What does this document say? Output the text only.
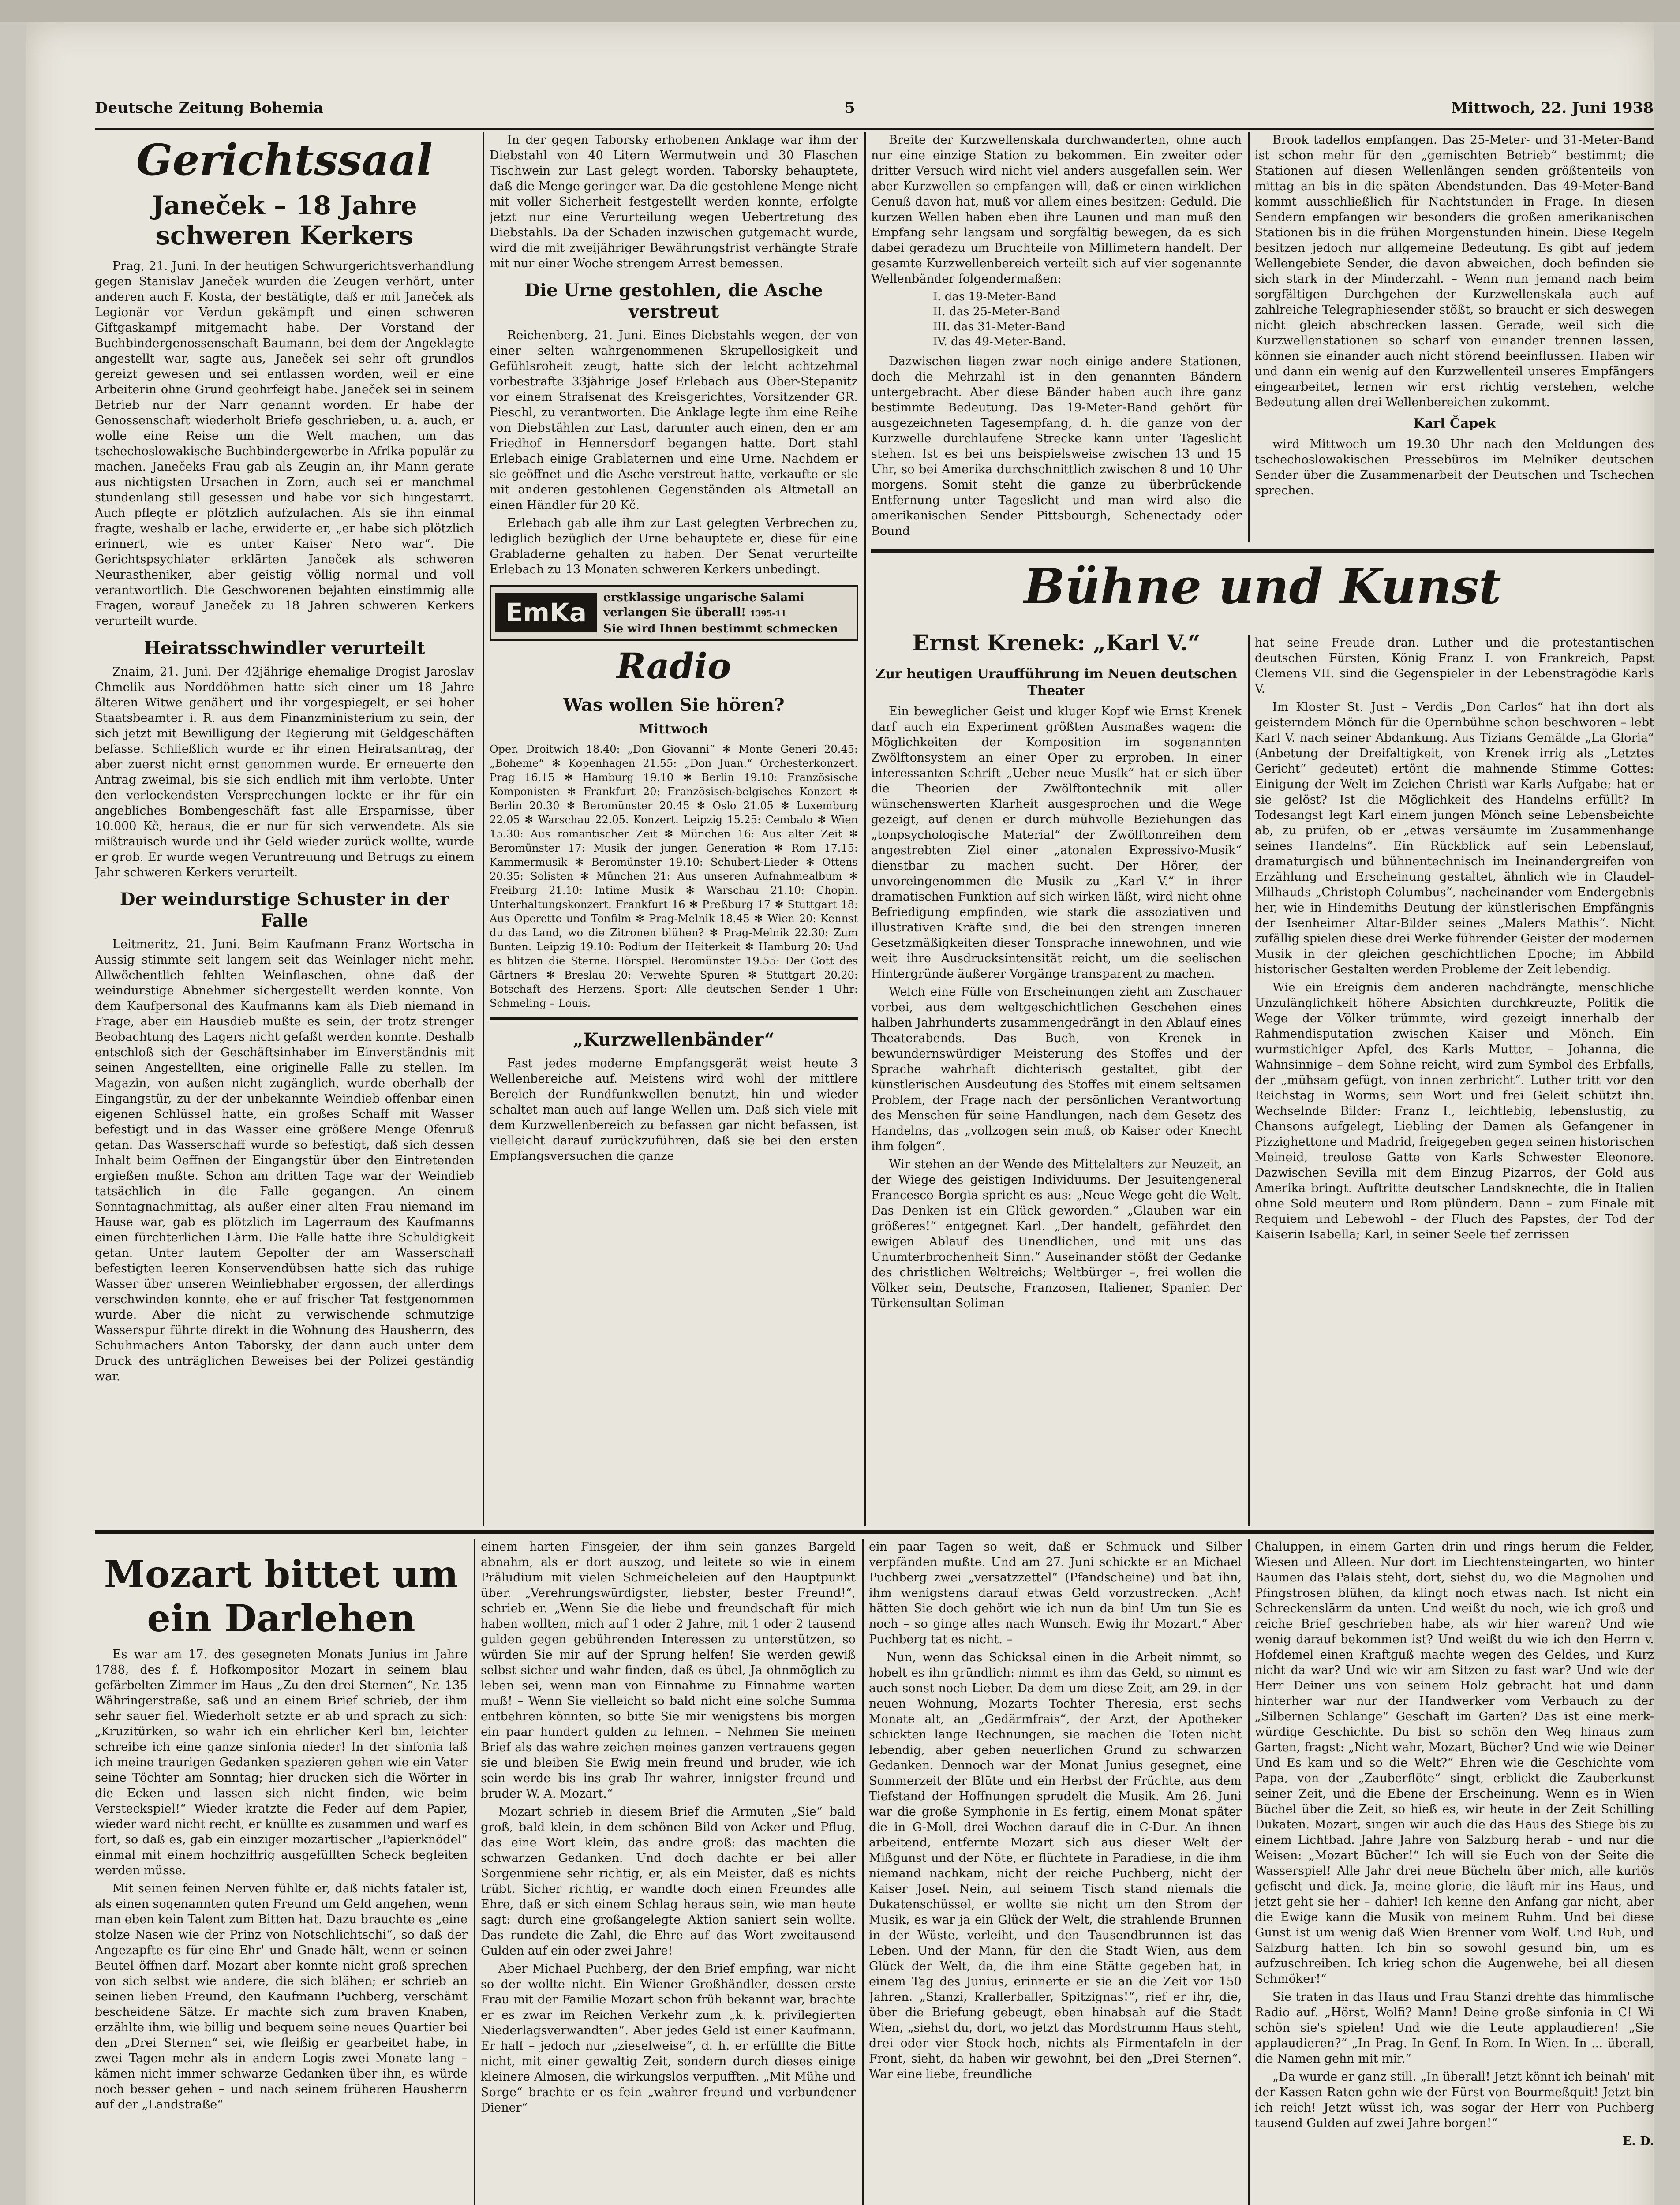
Deutsche Zeitung Bohemia	5	Mittwoch, 22. Juni 1938
Gerichtssaal
Janeček – 18 Jahre schweren Kerkers

Prag, 21. Juni. In der heutigen Schwurgerichtsverhandlung gegen Stanislav Janeček wurden die Zeugen verhört, unter anderen auch F. Kosta, der bestätigte, daß er mit Janeček als Legionär vor Verdun gekämpft und einen schweren Giftgaskampf mitgemacht habe. Der Vorstand der Buchbindergenossenschaft Baumann, bei dem der Angeklagte angestellt war, sagte aus, Janeček sei sehr oft grundlos gereizt gewesen und sei entlassen worden, weil er eine Arbeiterin ohne Grund geohrfeigt habe. Janeček sei in seinem Betrieb nur der Narr genannt worden. Er habe der Genossenschaft wiederholt Briefe geschrieben, u. a. auch, er wolle eine Reise um die Welt machen, um das tschechoslowakische Buchbindergewerbe in Afrika populär zu machen. Janečeks Frau gab als Zeugin an, ihr Mann gerate aus nichtigsten Ursachen in Zorn, auch sei er manchmal stundenlang still gesessen und habe vor sich hingestarrt. Auch pflegte er plötzlich aufzulachen. Als sie ihn einmal fragte, weshalb er lache, erwiderte er, „er habe sich plötzlich erinnert, wie es unter Kaiser Nero war“. Die Gerichtspsychiater erklärten Janeček als schweren Neurastheniker, aber geistig völlig normal und voll verantwortlich. Die Geschworenen bejahten einstimmig alle Fragen, worauf Janeček zu 18 Jahren schweren Kerkers verurteilt wurde.

Heiratsschwindler verurteilt

Znaim, 21. Juni. Der 42jährige ehemalige Drogist Jaroslav Chmelik aus Norddöhmen hatte sich einer um 18 Jahre älteren Witwe genähert und ihr vorgespiegelt, er sei hoher Staatsbeamter i. R. aus dem Finanzministerium zu sein, der sich jetzt mit Bewilligung der Regierung mit Geldgeschäften befasse. Schließlich wurde er ihr einen Heiratsantrag, der aber zuerst nicht ernst genommen wurde. Er erneuerte den Antrag zweimal, bis sie sich endlich mit ihm verlobte. Unter den verlockendsten Versprechungen lockte er ihr für ein angebliches Bombengeschäft fast alle Ersparnisse, über 10.000 Kč, heraus, die er nur für sich verwendete. Als sie mißtrauisch wurde und ihr Geld wieder zurück wollte, wurde er grob. Er wurde wegen Veruntreuung und Betrugs zu einem Jahr schweren Kerkers verurteilt.

Der weindurstige Schuster in der Falle

Leitmeritz, 21. Juni. Beim Kaufmann Franz Wortscha in Aussig stimmte seit langem seit das Weinlager nicht mehr. Allwöchentlich fehlten Weinflaschen, ohne daß der weindurstige Abnehmer sichergestellt werden konnte. Von dem Kaufpersonal des Kaufmanns kam als Dieb niemand in Frage, aber ein Hausdieb mußte es sein, der trotz strenger Beobachtung des Lagers nicht gefaßt werden konnte. Deshalb entschloß sich der Geschäftsinhaber im Einverständnis mit seinen Angestellten, eine originelle Falle zu stellen. Im Magazin, von außen nicht zugänglich, wurde oberhalb der Eingangstür, zu der der unbekannte Weindieb offenbar einen eigenen Schlüssel hatte, ein großes Schaff mit Wasser befestigt und in das Wasser eine größere Menge Ofenruß getan. Das Wasserschaff wurde so befestigt, daß sich dessen Inhalt beim Oeffnen der Eingangstür über den Eintretenden ergießen mußte. Schon am dritten Tage war der Weindieb tatsächlich in die Falle gegangen. An einem Sonntagnachmittag, als außer einer alten Frau niemand im Hause war, gab es plötzlich im Lagerraum des Kaufmanns einen fürchterlichen Lärm. Die Falle hatte ihre Schuldigkeit getan. Unter lautem Gepolter der am Wasserschaff befestigten leeren Konservendübsen hatte sich das ruhige Wasser über unseren Weinliebhaber ergossen, der allerdings verschwinden konnte, ehe er auf frischer Tat festgenommen wurde. Aber die nicht zu verwischende schmutzige Wasserspur führte direkt in die Wohnung des Hausherrn, des Schuhmachers Anton Taborsky, der dann auch unter dem Druck des unträglichen Beweises bei der Polizei geständig war.

In der gegen Taborsky erhobenen Anklage war ihm der Diebstahl von 40 Litern Wermutwein und 30 Flaschen Tischwein zur Last gelegt worden. Taborsky behauptete, daß die Menge geringer war. Da die gestohlene Menge nicht mit voller Sicherheit festgestellt werden konnte, erfolgte jetzt nur eine Verurteilung wegen Uebertretung des Diebstahls. Da der Schaden inzwischen gutgemacht wurde, wird die mit zweijähriger Bewährungsfrist verhängte Strafe mit nur einer Woche strengem Arrest bemessen.

Die Urne gestohlen, die Asche verstreut

Reichenberg, 21. Juni. Eines Diebstahls wegen, der von einer selten wahrgenommenen Skrupellosigkeit und Gefühlsroheit zeugt, hatte sich der leicht achtzehmal vorbestrafte 33jährige Josef Erlebach aus Ober-Stepanitz vor einem Strafsenat des Kreisgerichtes, Vorsitzender GR. Pieschl, zu verantworten. Die Anklage legte ihm eine Reihe von Diebstählen zur Last, darunter auch einen, den er am Friedhof in Hennersdorf begangen hatte. Dort stahl Erlebach einige Grablaternen und eine Urne. Nachdem er sie geöffnet und die Asche verstreut hatte, verkaufte er sie mit anderen gestohlenen Gegenständen als Altmetall an einen Händler für 20 Kč.

Erlebach gab alle ihm zur Last gelegten Verbrechen zu, lediglich bezüglich der Urne behauptete er, diese für eine Grabladerne gehalten zu haben. Der Senat verurteilte Erlebach zu 13 Monaten schweren Kerkers unbedingt.

EmKa	erstklassige ungarische Salami
verlangen Sie überall! 1395-11
Sie wird Ihnen bestimmt schmecken
Radio
Was wollen Sie hören?
Mittwoch

Oper. Droitwich 18.40: „Don Giovanni“ ✻ Monte Generi 20.45: „Boheme“ ✻ Kopenhagen 21.55: „Don Juan.“ Orchesterkonzert. Prag 16.15 ✻ Hamburg 19.10 ✻ Berlin 19.10: Französische Komponisten ✻ Frankfurt 20: Französisch-belgisches Konzert ✻ Berlin 20.30 ✻ Beromünster 20.45 ✻ Oslo 21.05 ✻ Luxemburg 22.05 ✻ Warschau 22.05. Konzert. Leipzig 15.25: Cembalo ✻ Wien 15.30: Aus romantischer Zeit ✻ München 16: Aus alter Zeit ✻ Beromünster 17: Musik der jungen Generation ✻ Rom 17.15: Kammermusik ✻ Beromünster 19.10: Schubert-Lieder ✻ Ottens 20.35: Solisten ✻ München 21: Aus unseren Aufnahmealbum ✻ Freiburg 21.10: Intime Musik ✻ Warschau 21.10: Chopin. Unterhaltungskonzert. Frankfurt 16 ✻ Preßburg 17 ✻ Stuttgart 18: Aus Operette und Tonfilm ✻ Prag-Melnik 18.45 ✻ Wien 20: Kennst du das Land, wo die Zitronen blühen? ✻ Prag-Melnik 22.30: Zum Bunten. Leipzig 19.10: Podium der Heiterkeit ✻ Hamburg 20: Und es blitzen die Sterne. Hörspiel. Beromünster 19.55: Der Gott des Gärtners ✻ Breslau 20: Verwehte Spuren ✻ Stuttgart 20.20: Botschaft des Herzens. Sport: Alle deutschen Sender 1 Uhr: Schmeling – Louis.

„Kurzwellenbänder“

Fast jedes moderne Empfangsgerät weist heute 3 Wellenbereiche auf. Meistens wird wohl der mittlere Bereich der Rundfunkwellen benutzt, hin und wieder schaltet man auch auf lange Wellen um. Daß sich viele mit dem Kurzwellenbereich zu befassen gar nicht befassen, ist vielleicht darauf zurückzuführen, daß sie bei den ersten Empfangsversuchen die ganze

Breite der Kurzwellenskala durchwanderten, ohne auch nur eine einzige Station zu bekommen. Ein zweiter oder dritter Versuch wird nicht viel anders ausgefallen sein. Wer aber Kurzwellen so empfangen will, daß er einen wirklichen Genuß davon hat, muß vor allem eines besitzen: Geduld. Die kurzen Wellen haben eben ihre Launen und man muß den Empfang sehr langsam und sorgfältig bewegen, da es sich dabei geradezu um Bruchteile von Millimetern handelt. Der gesamte Kurzwellenbereich verteilt sich auf vier sogenannte Wellenbänder folgendermaßen:

I. das 19-Meter-Band
II. das 25-Meter-Band
III. das 31-Meter-Band
IV. das 49-Meter-Band.

Dazwischen liegen zwar noch einige andere Stationen, doch die Mehrzahl ist in den genannten Bändern untergebracht. Aber diese Bänder haben auch ihre ganz bestimmte Bedeutung. Das 19-Meter-Band gehört für ausgezeichneten Tagesempfang, d. h. die ganze von der Kurzwelle durchlaufene Strecke kann unter Tageslicht stehen. Ist es bei uns beispielsweise zwischen 13 und 15 Uhr, so bei Amerika durchschnittlich zwischen 8 und 10 Uhr morgens. Somit steht die ganze zu überbrückende Entfernung unter Tageslicht und man wird also die amerikanischen Sender Pittsbourgh, Schenectady oder Bound

Brook tadellos empfangen. Das 25-Meter- und 31-Meter-Band ist schon mehr für den „gemischten Betrieb“ bestimmt; die Stationen auf diesen Wellenlängen senden größtenteils von mittag an bis in die späten Abendstunden. Das 49-Meter-Band kommt ausschließlich für Nachtstunden in Frage. In diesen Sendern empfangen wir besonders die großen amerikanischen Stationen bis in die frühen Morgenstunden hinein. Diese Regeln besitzen jedoch nur allgemeine Bedeutung. Es gibt auf jedem Wellengebiete Sender, die davon abweichen, doch befinden sie sich stark in der Minderzahl. – Wenn nun jemand nach beim sorgfältigen Durchgehen der Kurzwellenskala auch auf zahlreiche Telegraphiesender stößt, so braucht er sich deswegen nicht gleich abschrecken lassen. Gerade, weil sich die Kurzwellenstationen so scharf von einander trennen lassen, können sie einander auch nicht störend beeinflussen. Haben wir und dann ein wenig auf den Kurzwellenteil unseres Empfängers eingearbeitet, lernen wir erst richtig verstehen, welche Bedeutung allen drei Wellenbereichen zukommt.

Karl Čapek

wird Mittwoch um 19.30 Uhr nach den Meldungen des tschechoslowakischen Pressebüros im Melniker deutschen Sender über die Zusammenarbeit der Deutschen und Tschechen sprechen.

Bühne und Kunst
Ernst Krenek: „Karl V.“
Zur heutigen Uraufführung im Neuen deutschen Theater

Ein beweglicher Geist und kluger Kopf wie Ernst Krenek darf auch ein Experiment größten Ausmaßes wagen: die Möglichkeiten der Komposition im sogenannten Zwölftonsystem an einer Oper zu erproben. In einer interessanten Schrift „Ueber neue Musik“ hat er sich über die Theorien der Zwölftontechnik mit aller wünschenswerten Klarheit ausgesprochen und die Wege gezeigt, auf denen er durch mühvolle Beziehungen das „tonpsychologische Material“ der Zwölftonreihen dem angestrebten Ziel einer „atonalen Expressivo-Musik“ dienstbar zu machen sucht. Der Hörer, der unvoreingenommen die Musik zu „Karl V.“ in ihrer dramatischen Funktion auf sich wirken läßt, wird nicht ohne Befriedigung empfinden, wie stark die assoziativen und illustrativen Kräfte sind, die bei den strengen inneren Gesetzmäßigkeiten dieser Tonsprache innewohnen, und wie weit ihre Ausdrucksintensität reicht, um die seelischen Hintergründe äußerer Vorgänge transparent zu machen.

Welch eine Fülle von Erscheinungen zieht am Zuschauer vorbei, aus dem weltgeschichtlichen Geschehen eines halben Jahrhunderts zusammengedrängt in den Ablauf eines Theaterabends. Das Buch, von Krenek in bewundernswürdiger Meisterung des Stoffes und der Sprache wahrhaft dichterisch gestaltet, gibt der künstlerischen Ausdeutung des Stoffes mit einem seltsamen Problem, der Frage nach der persönlichen Verantwortung des Menschen für seine Handlungen, nach dem Gesetz des Handelns, das „vollzogen sein muß, ob Kaiser oder Knecht ihm folgen“.

Wir stehen an der Wende des Mittelalters zur Neuzeit, an der Wiege des geistigen Individuums. Der Jesuitengeneral Francesco Borgia spricht es aus: „Neue Wege geht die Welt. Das Denken ist ein Glück geworden.“ „Glauben war ein größeres!“ entgegnet Karl. „Der handelt, gefährdet den ewigen Ablauf des Unendlichen, und mit uns das Unumterbrochenheit Sinn.“ Auseinander stößt der Gedanke des christlichen Weltreichs; Weltbürger –, frei wollen die Völker sein, Deutsche, Franzosen, Italiener, Spanier. Der Türkensultan Soliman

hat seine Freude dran. Luther und die protestantischen deutschen Fürsten, König Franz I. von Frankreich, Papst Clemens VII. sind die Gegenspieler in der Lebenstragödie Karls V.

Im Kloster St. Just – Verdis „Don Carlos“ hat ihn dort als geisterndem Mönch für die Opernbühne schon beschworen – lebt Karl V. nach seiner Abdankung. Aus Tizians Gemälde „La Gloria“ (Anbetung der Dreifaltigkeit, von Krenek irrig als „Letztes Gericht“ gedeutet) ertönt die mahnende Stimme Gottes: Einigung der Welt im Zeichen Christi war Karls Aufgabe; hat er sie gelöst? Ist die Möglichkeit des Handelns erfüllt? In Todesangst legt Karl einem jungen Mönch seine Lebensbeichte ab, zu prüfen, ob er „etwas versäumte im Zusammenhange seines Handelns“. Ein Rückblick auf sein Lebenslauf, dramaturgisch und bühnentechnisch im Ineinandergreifen von Erzählung und Erscheinung gestaltet, ähnlich wie in Claudel-Milhauds „Christoph Columbus“, nacheinander vom Endergebnis her, wie in Hindemiths Deutung der künstlerischen Empfängnis der Isenheimer Altar-Bilder seines „Malers Mathis“. Nicht zufällig spielen diese drei Werke führender Geister der modernen Musik in der gleichen geschichtlichen Epoche; im Abbild historischer Gestalten werden Probleme der Zeit lebendig.

Wie ein Ereignis dem anderen nachdrängte, menschliche Unzulänglichkeit höhere Absichten durchkreuzte, Politik die Wege der Völker trümmte, wird gezeigt innerhalb der Rahmendisputation zwischen Kaiser und Mönch. Ein wurmstichiger Apfel, des Karls Mutter, – Johanna, die Wahnsinnige – dem Sohne reicht, wird zum Symbol des Erbfalls, der „mühsam gefügt, von innen zerbricht“. Luther tritt vor den Reichstag in Worms; sein Wort und frei Geleit schützt ihn. Wechselnde Bilder: Franz I., leichtlebig, lebenslustig, zu Chansons aufgelegt, Liebling der Damen als Gefangener in Pizzighettone und Madrid, freigegeben gegen seinen historischen Meineid, treulose Gatte von Karls Schwester Eleonore. Dazwischen Sevilla mit dem Einzug Pizarros, der Gold aus Amerika bringt. Auftritte deutscher Landsknechte, die in Italien ohne Sold meutern und Rom plündern. Dann – zum Finale mit Requiem und Lebewohl – der Fluch des Papstes, der Tod der Kaiserin Isabella; Karl, in seiner Seele tief zerrissen

Mozart bittet um ein Darlehen

Es war am 17. des gesegneten Monats Junius im Jahre 1788, des f. f. Hofkompositor Mozart in seinem blau gefärbelten Zimmer im Haus „Zu den drei Sternen“, Nr. 135 Währingerstraße, saß und an einem Brief schrieb, der ihm sehr sauer fiel. Wiederholt setzte er ab und sprach zu sich: „Kruzitürken, so wahr ich ein ehrlicher Kerl bin, leichter schreibe ich eine ganze sinfonia nieder! In der sinfonia laß ich meine traurigen Gedanken spazieren gehen wie ein Vater seine Töchter am Sonntag; hier drucken sich die Wörter in die Ecken und lassen sich nicht finden, wie beim Versteckspiel!“ Wieder kratzte die Feder auf dem Papier, wieder ward nicht recht, er knüllte es zusammen und warf es fort, so daß es, gab ein einziger mozartischer „Papierknödel“ einmal mit einem hochziffrig ausgefüllten Scheck begleiten werden müsse.

Mit seinen feinen Nerven fühlte er, daß nichts fataler ist, als einen sogenannten guten Freund um Geld angehen, wenn man eben kein Talent zum Bitten hat. Dazu brauchte es „eine stolze Nasen wie der Prinz von Notschlichtschi“, so daß der Angezapfte es für eine Ehr' und Gnade hält, wenn er seinen Beutel öffnen darf. Mozart aber konnte nicht groß sprechen von sich selbst wie andere, die sich blähen; er schrieb an seinen lieben Freund, den Kaufmann Puchberg, verschämt bescheidene Sätze. Er machte sich zum braven Knaben, erzählte ihm, wie billig und bequem seine neues Quartier bei den „Drei Sternen“ sei, wie fleißig er gearbeitet habe, in zwei Tagen mehr als in andern Logis zwei Monate lang – kämen nicht immer schwarze Gedanken über ihn, es würde noch besser gehen – und nach seinem früheren Hausherrn auf der „Landstraße“

einem harten Finsgeier, der ihm sein ganzes Bargeld abnahm, als er dort auszog, und leitete so wie in einem Präludium mit vielen Schmeicheleien auf den Hauptpunkt über. „Verehrungswürdigster, liebster, bester Freund!“, schrieb er. „Wenn Sie die liebe und freundschaft für mich haben wollten, mich auf 1 oder 2 Jahre, mit 1 oder 2 tausend gulden gegen gebührenden Interessen zu unterstützen, so würden Sie mir auf der Sprung helfen! Sie werden gewiß selbst sicher und wahr finden, daß es übel, Ja ohnmöglich zu leben sei, wenn man von Einnahme zu Einnahme warten muß! – Wenn Sie vielleicht so bald nicht eine solche Summa entbehren könnten, so bitte Sie mir wenigstens bis morgen ein paar hundert gulden zu lehnen. – Nehmen Sie meinen Brief als das wahre zeichen meines ganzen vertrauens gegen sie und bleiben Sie Ewig mein freund und bruder, wie ich sein werde bis ins grab Ihr wahrer, innigster freund und bruder W. A. Mozart.“

Mozart schrieb in diesem Brief die Armuten „Sie“ bald groß, bald klein, in dem schönen Bild von Acker und Pflug, das eine Wort klein, das andre groß: das machten die schwarzen Gedanken. Und doch dachte er bei aller Sorgenmiene sehr richtig, er, als ein Meister, daß es nichts trübt. Sicher richtig, er wandte doch einen Freundes alle Ehre, daß er sich einem Schlag heraus sein, wie man heute sagt: durch eine großangelegte Aktion saniert sein wollte. Das rundete die Zahl, die Ehre auf das Wort zweitausend Gulden auf ein oder zwei Jahre!

Aber Michael Puchberg, der den Brief empfing, war nicht so der wollte nicht. Ein Wiener Großhändler, dessen erste Frau mit der Familie Mozart schon früh bekannt war, brachte er es zwar im Reichen Verkehr zum „k. k. privilegierten Niederlagsverwandten“. Aber jedes Geld ist einer Kaufmann. Er half – jedoch nur „zieselweise“, d. h. er erfüllte die Bitte nicht, mit einer gewaltig Zeit, sondern durch dieses einige kleinere Almosen, die wirkungslos verpufften. „Mit Mühe und Sorge“ brachte er es fein „wahrer freund und verbundener Diener“

ein paar Tagen so weit, daß er Schmuck und Silber verpfänden mußte. Und am 27. Juni schickte er an Michael Puchberg zwei „versatzzettel“ (Pfandscheine) und bat ihn, ihm wenigstens darauf etwas Geld vorzustrecken. „Ach! hätten Sie doch gehört wie ich nun da bin! Um tun Sie es noch – so ginge alles nach Wunsch. Ewig ihr Mozart.“ Aber Puchberg tat es nicht. –

Nun, wenn das Schicksal einen in die Arbeit nimmt, so hobelt es ihn gründlich: nimmt es ihm das Geld, so nimmt es auch sonst noch Lieber. Da dem um diese Zeit, am 29. in der neuen Wohnung, Mozarts Tochter Theresia, erst sechs Monate alt, an „Gedärmfrais“, der Arzt, der Apotheker schickten lange Rechnungen, sie machen die Toten nicht lebendig, aber geben neuerlichen Grund zu schwarzen Gedanken. Dennoch war der Monat Junius gesegnet, eine Sommerzeit der Blüte und ein Herbst der Früchte, aus dem Tiefstand der Hoffnungen sprudelt die Musik. Am 26. Juni war die große Symphonie in Es fertig, einem Monat später die in G-Moll, drei Wochen darauf die in C-Dur. An ihnen arbeitend, entfernte Mozart sich aus dieser Welt der Mißgunst und der Nöte, er flüchtete in Paradiese, in die ihm niemand nachkam, nicht der reiche Puchberg, nicht der Kaiser Josef. Nein, auf seinem Tisch stand niemals die Dukatenschüssel, er wollte sie nicht um den Strom der Musik, es war ja ein Glück der Welt, die strahlende Brunnen in der Wüste, verleiht, und den Tausendbrunnen ist das Leben. Und der Mann, für den die Stadt Wien, aus dem Glück der Welt, da, die ihm eine Stätte gegeben hat, in einem Tag des Junius, erinnerte er sie an die Zeit vor 150 Jahren. „Stanzi, Krallerballer, Spitzignas!“, rief er ihr, die, über die Briefung gebeugt, eben hinabsah auf die Stadt Wien, „siehst du, dort, wo jetzt das Mordstrumm Haus steht, drei oder vier Stock hoch, nichts als Firmentafeln in der Front, sieht, da haben wir gewohnt, bei den „Drei Sternen“. War eine liebe, freundliche

Chaluppen, in einem Garten drin und rings herum die Felder, Wiesen und Alleen. Nur dort im Liechtensteingarten, wo hinter Baumen das Palais steht, dort, siehst du, wo die Magnolien und Pfingstrosen blühen, da klingt noch etwas nach. Ist nicht ein Schreckenslärm da unten. Und weißt du noch, wie ich groß und reiche Brief geschrieben habe, als wir hier waren? Und wie wenig darauf bekommen ist? Und weißt du wie ich den Herrn v. Hofdemel einen Kraftguß machte wegen des Geldes, und Kurz nicht da war? Und wie wir am Sitzen zu fast war? Und wie der Herr Deiner uns von seinem Holz gebracht hat und dann hinterher war nur der Handwerker vom Verbauch zu der „Silbernen Schlange“ Geschaft im Garten? Das ist eine merk- würdige Geschichte. Du bist so schön den Weg hinaus zum Garten, fragst: „Nicht wahr, Mozart, Bücher? Und wie wie Deiner Und Es kam und so die Welt?“ Ehren wie die Geschichte vom Papa, von der „Zauberflöte“ singt, erblickt die Zauberkunst seiner Zeit, und die Ebene der Erscheinung. Wenn es in Wien Büchel über die Zeit, so hieß es, wir heute in der Zeit Schilling Dukaten. Mozart, singen wir auch die das Haus des Stiege bis zu einem Lichtbad. Jahre Jahre von Salzburg herab – und nur die Weisen: „Mozart Bücher!“ Ich will sie Euch von der Seite die Wasserspiel! Alle Jahr drei neue Bücheln über mich, alle kuriös gefischt und dick. Ja, meine glorie, die läuft mir ins Haus, und jetzt geht sie her – dahier! Ich kenne den Anfang gar nicht, aber die Ewige kann die Musik von meinem Ruhm. Und bei diese Gunst ist um wenig daß Wien Brenner vom Wolf. Und Ruh, und Salzburg hatten. Ich bin so sowohl gesund bin, um es aufzuschreiben. Ich krieg schon die Augenwehe, bei all diesen Schmöker!“

Sie traten in das Haus und Frau Stanzi drehte das himmlische Radio auf. „Hörst, Wolfi? Mann! Deine große sinfonia in C! Wi schön sie's spielen! Und wie die Leute applaudieren! „Sie applaudieren?“ „In Prag. In Genf. In Rom. In Wien. In ... überall, die Namen gehn mit mir.“

„Da wurde er ganz still. „In überall! Jetzt könnt ich beinah' mit der Kassen Raten gehn wie der Fürst von Bourmeßquit! Jetzt bin ich reich! Jetzt wüsst ich, was sogar der Herr von Puchberg tausend Gulden auf zwei Jahre borgen!“

E. D.
